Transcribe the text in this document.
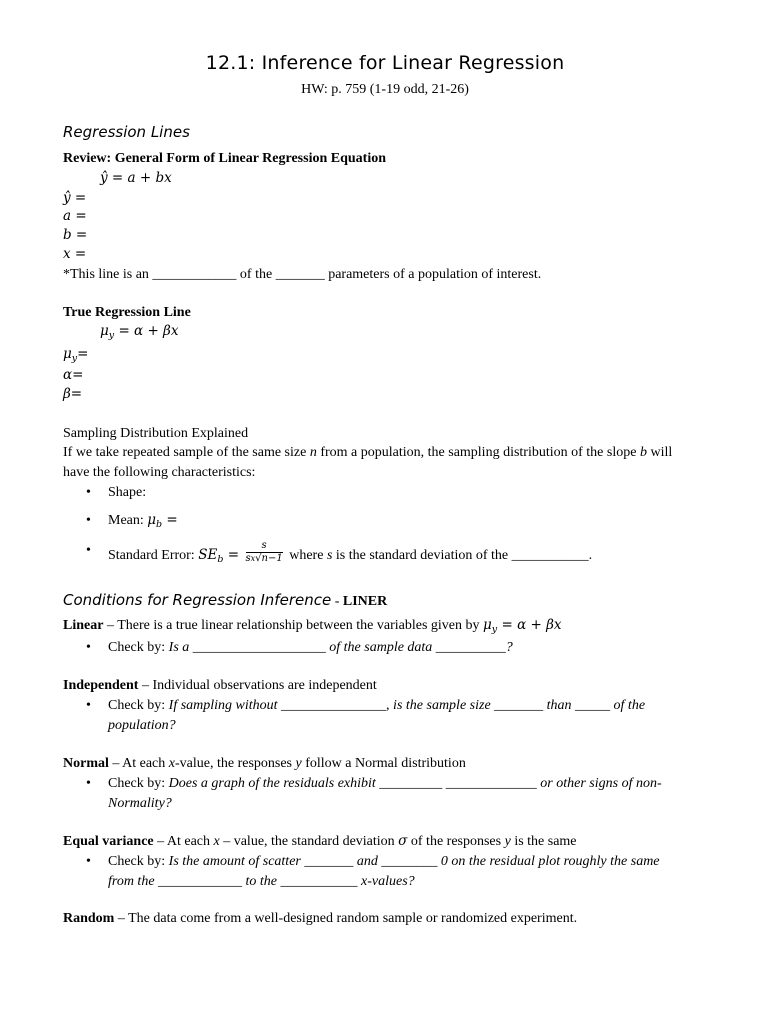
12.1: Inference for Linear Regression
HW: p. 759 (1-19 odd, 21-26)
Regression Lines
Review: General Form of Linear Regression Equation
ŷ = a + bx
ŷ =
a =
b =
x =
*This line is an ____________ of the _______ parameters of a population of interest.
True Regression Line
$\mu_y = \alpha + \beta x$
$\mu_y=$
α=
β=
Sampling Distribution Explained
If we take repeated sample of the same size n from a population, the sampling distribution of the slope b will
have the following characteristics:
• Shape:
• Mean: $\mu_b$ =
• Standard Error: $SE_b = \frac{s}{sx√n-1}$ where s is the standard deviation of the ___________.
Conditions for Regression Inference - LINER
Linear – There is a true linear relationship between the variables given by $\mu_y = \alpha + \beta x$
• Check by: Is a ___________________ of the sample data __________?
Independent – Individual observations are independent
• Check by: If sampling without _______________, is the sample size _______ than _____ of the
population?
Normal – At each x-value, the responses y follow a Normal distribution
• Check by: Does a graph of the residuals exhibit _________ _____________ or other signs of non-
Normality?
Equal variance – At each x – value, the standard deviation σ of the responses y is the same
• Check by: Is the amount of scatter _______ and ________ 0 on the residual plot roughly the same
from the ____________ to the ___________ x-values?
Random – The data come from a well-designed random sample or randomized experiment.
